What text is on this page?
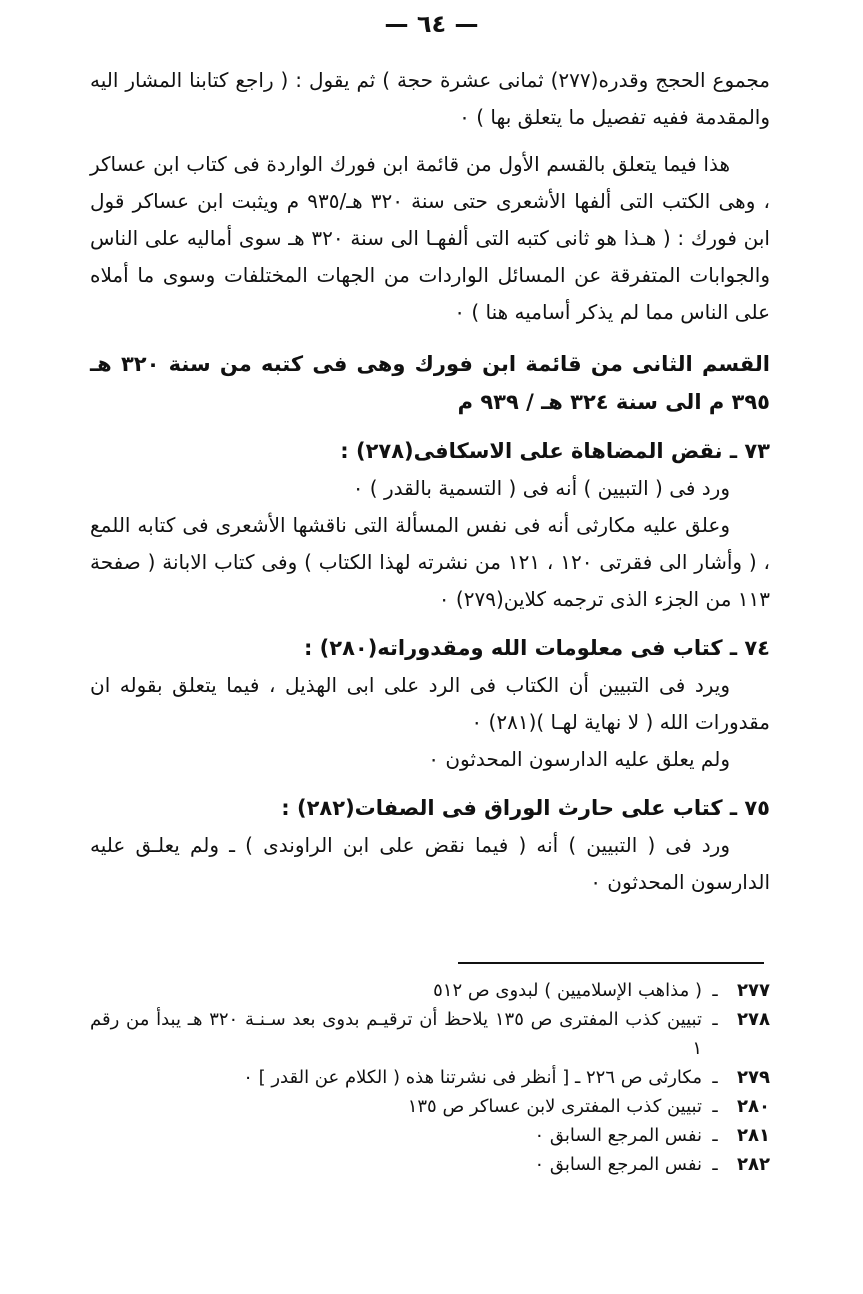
— ٦٤ —

مجموع الحجج وقدره(٢٧٧) ثمانى عشرة حجة ) ثم يقول : ( راجع كتابنا المشار اليه والمقدمة ففيه تفصيل ما يتعلق بها ) ٠

هذا فيما يتعلق بالقسم الأول من قائمة ابن فورك الواردة فى كتاب ابن عساكر ، وهى الكتب التى ألفها الأشعرى حتى سنة ٣٢٠ هـ/٩٣٥ م ويثبت ابن عساكر قول ابن فورك : ( هـذا هو ثانى كتبه التى ألفهـا الى سنة ٣٢٠ هـ سوى أماليه على الناس والجوابات المتفرقة عن المسائل الواردات من الجهات المختلفات وسوى ما أملاه على الناس مما لم يذكر أساميه هنا ) ٠

القسم الثانى من قائمة ابن فورك وهى فى كتبه من سنة ٣٢٠ هـ ٣٩٥ م الى سنة ٣٢٤ هـ / ٩٣٩ م

٧٣ ـ نقض المضاهاة على الاسكافى(٢٧٨) :

ورد فى ( التبيين ) أنه فى ( التسمية بالقدر ) ٠

وعلق عليه مكارثى أنه فى نفس المسألة التى ناقشها الأشعرى فى كتابه اللمع ، ( وأشار الى فقرتى ١٢٠ ، ١٢١ من نشرته لهذا الكتاب ) وفى كتاب الابانة ( صفحة ١١٣ من الجزء الذى ترجمه كلاين(٢٧٩) ٠

٧٤ ـ كتاب فى معلومات الله ومقدوراته(٢٨٠) :

ويرد فى التبيين أن الكتاب فى الرد على ابى الهذيل ، فيما يتعلق بقوله ان مقدورات الله ( لا نهاية لهـا )(٢٨١) ٠

ولم يعلق عليه الدارسون المحدثون ٠

٧٥ ـ كتاب على حارث الوراق فى الصفات(٢٨٢) :

ورد فى ( التبيين ) أنه ( فيما نقض على ابن الراوندى ) ـ ولم يعلـق عليه الدارسون المحدثون ٠

٢٧٧
ـ
( مذاهب الإسلاميين ) لبدوى ص ٥١٢
٢٧٨
ـ
تبيين كذب المفترى ص ١٣٥ يلاحظ أن ترقيـم بدوى بعد سـنـة ٣٢٠ هـ يبدأ من رقم ١
٢٧٩
ـ
مكارثى ص ٢٢٦ ـ [ أنظر فى نشرتنا هذه ( الكلام عن القدر ] ٠
٢٨٠
ـ
تبيين كذب المفترى لابن عساكر ص ١٣٥
٢٨١
ـ
نفس المرجع السابق ٠
٢٨٢
ـ
نفس المرجع السابق ٠
